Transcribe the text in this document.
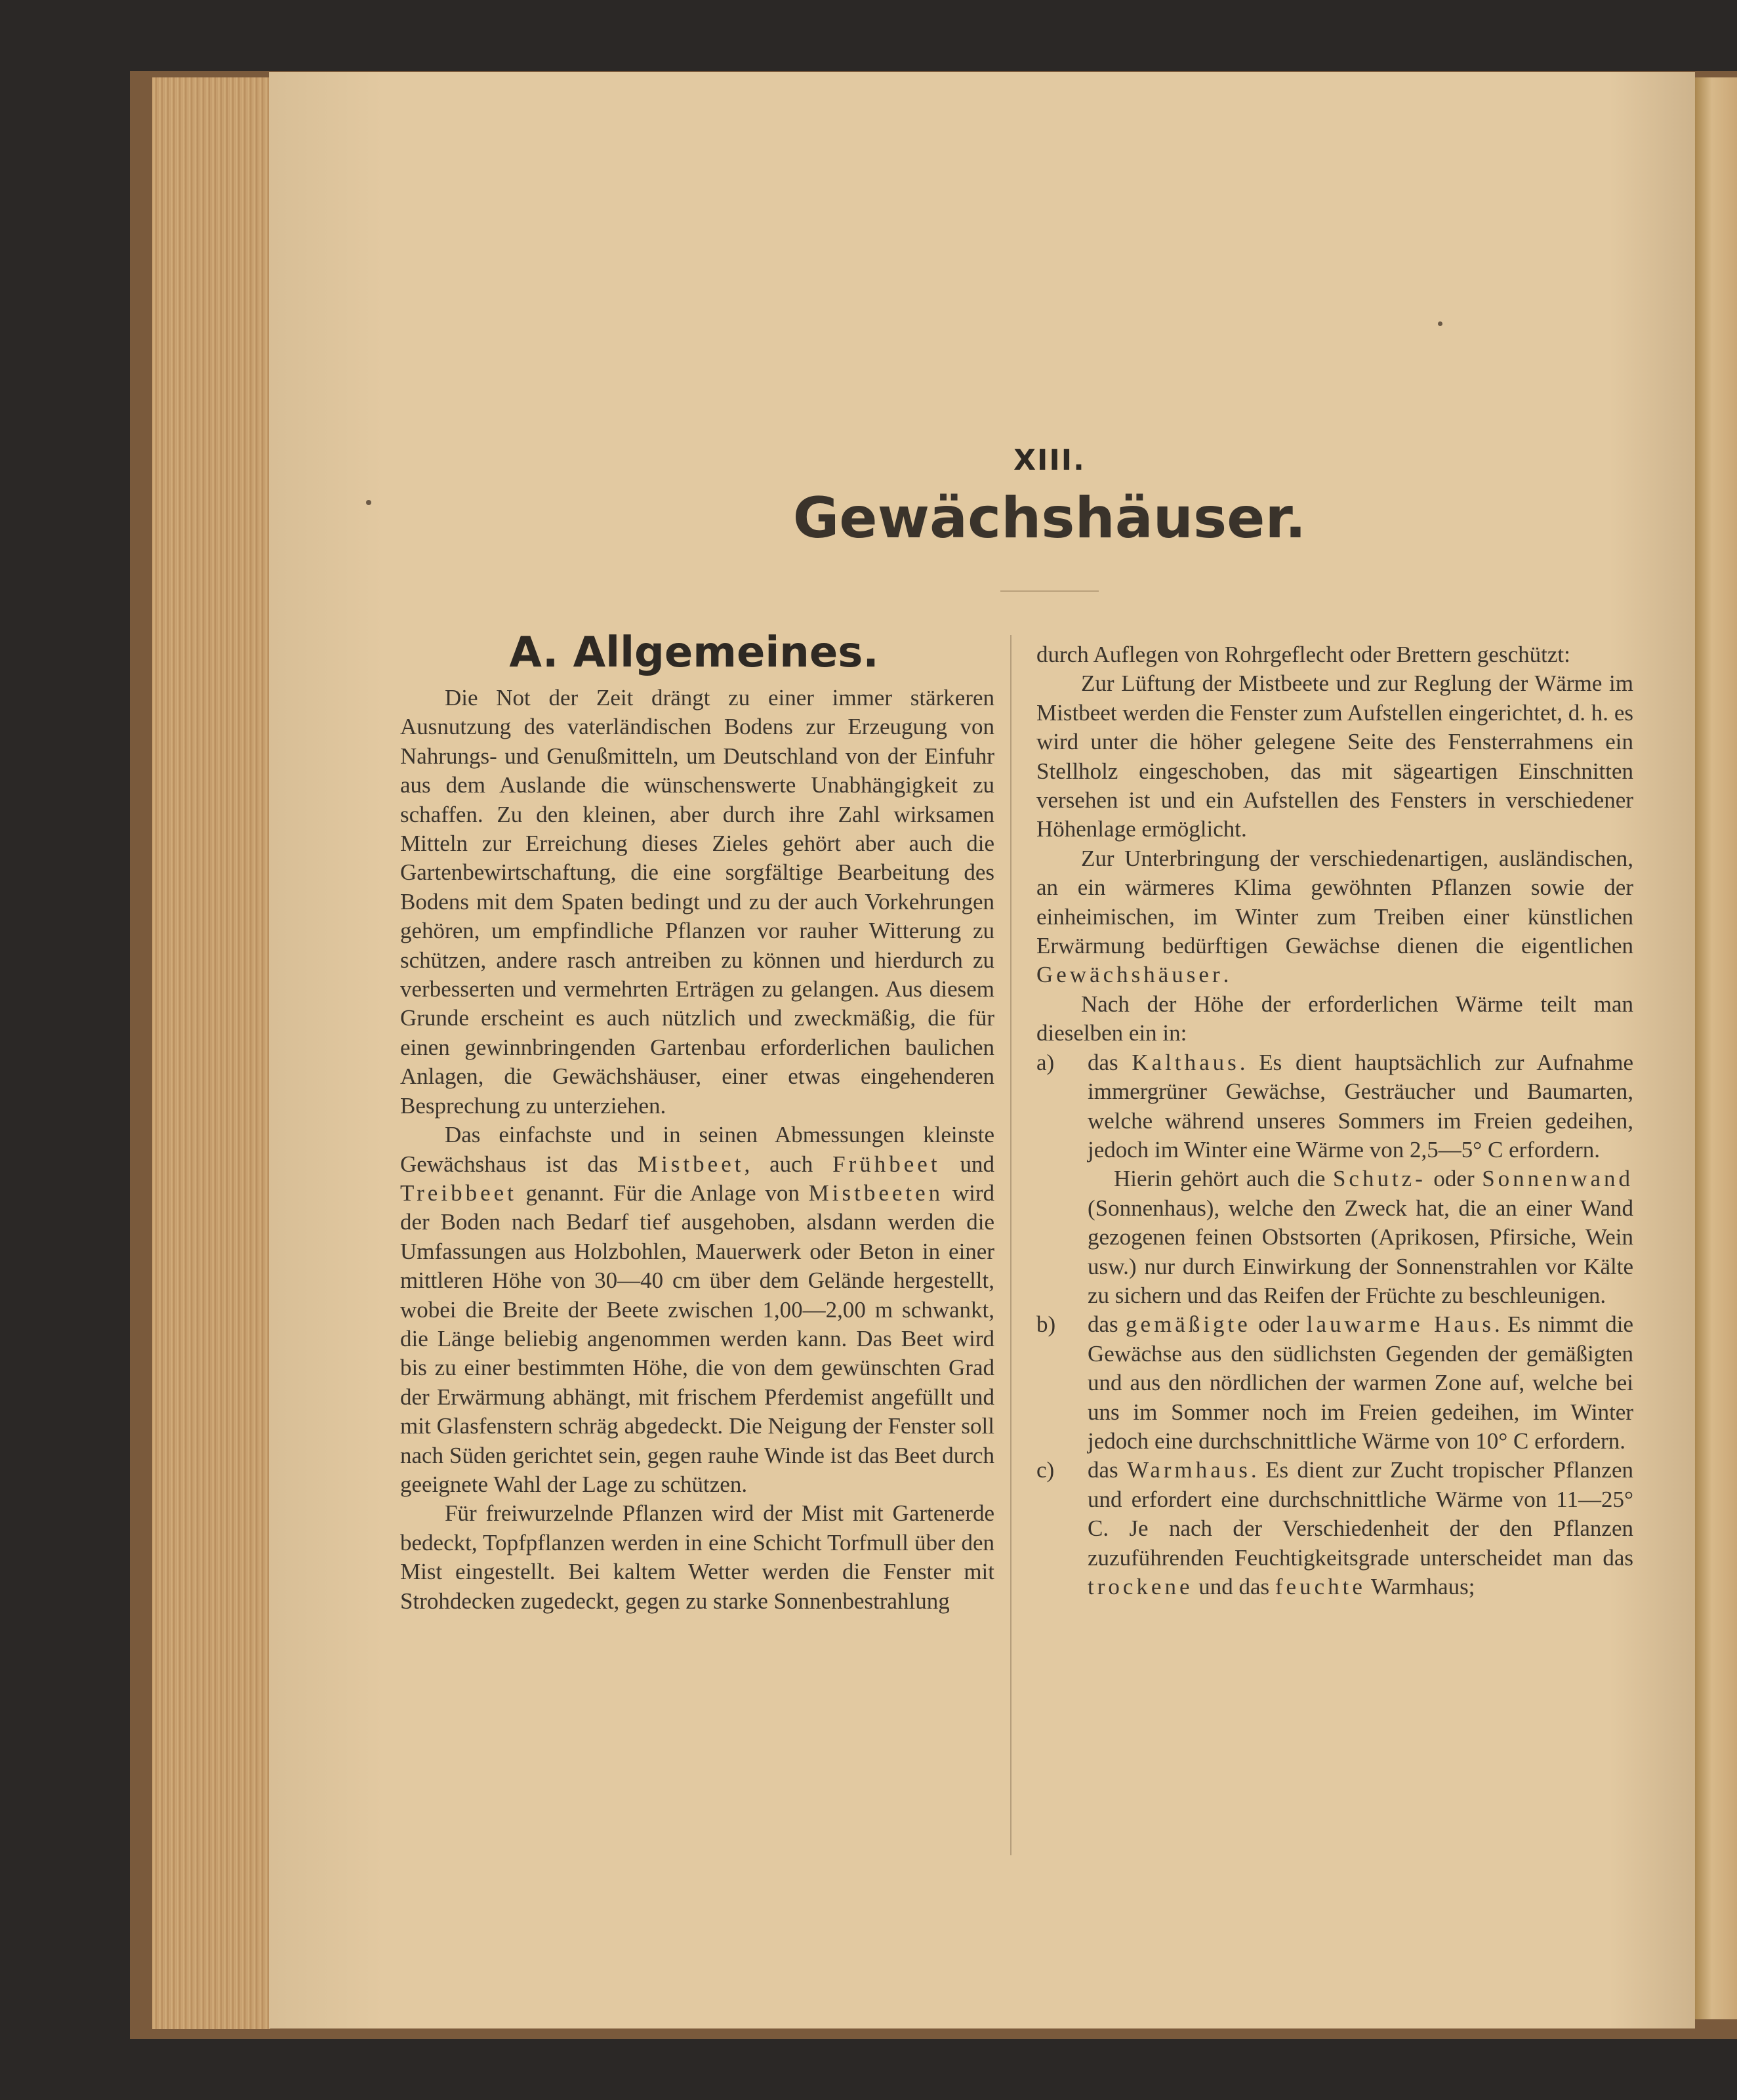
XIII.
Gewächshäuser.
A. Allgemeines.

Die Not der Zeit drängt zu einer immer stärkeren Ausnutzung des vaterländischen Bodens zur Erzeugung von Nahrungs- und Genußmitteln, um Deutschland von der Einfuhr aus dem Auslande die wünschenswerte Unabhängigkeit zu schaffen. Zu den kleinen, aber durch ihre Zahl wirksamen Mitteln zur Erreichung dieses Zieles gehört aber auch die Gartenbewirtschaftung, die eine sorgfältige Bearbeitung des Bodens mit dem Spaten bedingt und zu der auch Vorkehrungen gehören, um empfindliche Pflanzen vor rauher Witterung zu schützen, andere rasch antreiben zu können und hierdurch zu verbesserten und vermehrten Erträgen zu gelangen. Aus diesem Grunde erscheint es auch nützlich und zweckmäßig, die für einen gewinnbringenden Gartenbau erforderlichen baulichen Anlagen, die Gewächshäuser, einer etwas eingehenderen Besprechung zu unterziehen.

Das einfachste und in seinen Abmessungen kleinste Gewächshaus ist das Mistbeet, auch Frühbeet und Treibbeet genannt. Für die Anlage von Mistbeeten wird der Boden nach Bedarf tief ausgehoben, alsdann werden die Umfassungen aus Holzbohlen, Mauerwerk oder Beton in einer mittleren Höhe von 30—40 cm über dem Gelände hergestellt, wobei die Breite der Beete zwischen 1,00—2,00 m schwankt, die Länge beliebig angenommen werden kann. Das Beet wird bis zu einer bestimmten Höhe, die von dem gewünschten Grad der Erwärmung abhängt, mit frischem Pferdemist angefüllt und mit Glasfenstern schräg abgedeckt. Die Neigung der Fenster soll nach Süden gerichtet sein, gegen rauhe Winde ist das Beet durch geeignete Wahl der Lage zu schützen.

Für freiwurzelnde Pflanzen wird der Mist mit Gartenerde bedeckt, Topfpflanzen werden in eine Schicht Torfmull über den Mist eingestellt. Bei kaltem Wetter werden die Fenster mit Strohdecken zugedeckt, gegen zu starke Sonnenbestrahlung

durch Auflegen von Rohrgeflecht oder Brettern geschützt:

Zur Lüftung der Mistbeete und zur Reglung der Wärme im Mistbeet werden die Fenster zum Aufstellen eingerichtet, d. h. es wird unter die höher gelegene Seite des Fensterrahmens ein Stellholz eingeschoben, das mit sägeartigen Einschnitten versehen ist und ein Aufstellen des Fensters in verschiedener Höhenlage ermöglicht.

Zur Unterbringung der verschiedenartigen, ausländischen, an ein wärmeres Klima gewöhnten Pflanzen sowie der einheimischen, im Winter zum Treiben einer künstlichen Erwärmung bedürftigen Gewächse dienen die eigentlichen Gewächshäuser.

Nach der Höhe der erforderlichen Wärme teilt man dieselben ein in:

a)	das Kalthaus. Es dient hauptsächlich zur Aufnahme immergrüner Gewächse, Gesträucher und Baumarten, welche während unseres Sommers im Freien gedeihen, jedoch im Winter eine Wärme von 2,5—5° C erfordern.

Hierin gehört auch die Schutz- oder Sonnenwand (Sonnenhaus), welche den Zweck hat, die an einer Wand gezogenen feinen Obstsorten (Aprikosen, Pfirsiche, Wein usw.) nur durch Einwirkung der Sonnenstrahlen vor Kälte zu sichern und das Reifen der Früchte zu beschleunigen.

b)	das gemäßigte oder lauwarme Haus. Es nimmt die Gewächse aus den südlichsten Gegenden der gemäßigten und aus den nördlichen der warmen Zone auf, welche bei uns im Sommer noch im Freien gedeihen, im Winter jedoch eine durchschnittliche Wärme von 10° C erfordern.
c)	das Warmhaus. Es dient zur Zucht tropischer Pflanzen und erfordert eine durchschnittliche Wärme von 11—25° C. Je nach der Verschiedenheit der den Pflanzen zuzuführenden Feuchtigkeitsgrade unterscheidet man das trockene und das feuchte Warmhaus;
